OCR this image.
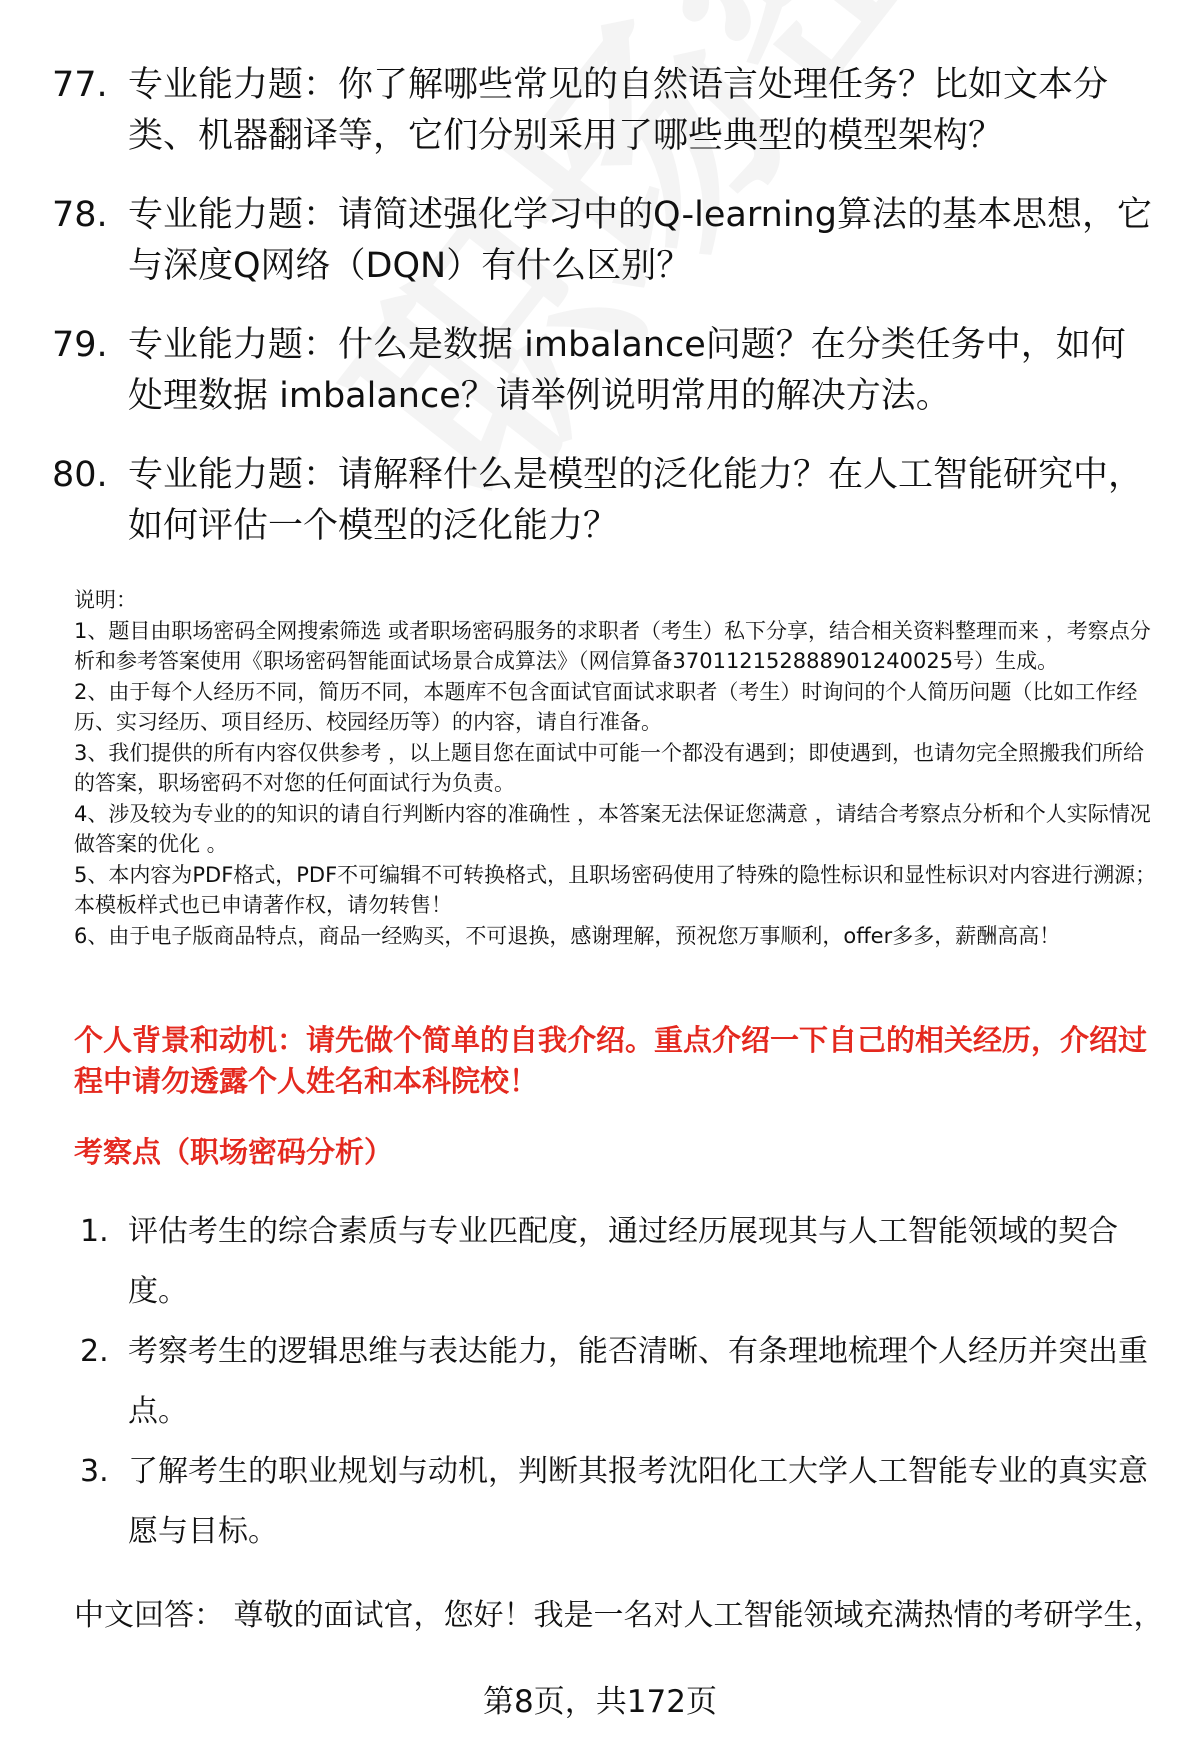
77. 专业能力题：你了解哪些常见的自然语言处理任务？比如文本分类、机器翻译等，它们分别采用了哪些典型的模型架构？
78. 专业能力题：请简述强化学习中的Q-learning算法的基本思想，它与深度Q网络（DQN）有什么区别？
79. 专业能力题：什么是数据 imbalance问题？在分类任务中，如何处理数据 imbalance？请举例说明常用的解决方法。
80. 专业能力题：请解释什么是模型的泛化能力？在人工智能研究中，如何评估一个模型的泛化能力？
说明：
1、题目由职场密码全网搜索筛选 或者职场密码服务的求职者（考生）私下分享，结合相关资料整理而来 ，考察点分析和参考答案使用《职场密码智能面试场景合成算法》（网信算备370112152888901240025号）生成。
2、由于每个人经历不同，简历不同，本题库不包含面试官面试求职者（考生）时询问的个人简历问题（比如工作经历、实习经历、项目经历、校园经历等）的内容，请自行准备。
3、我们提供的所有内容仅供参考 ，以上题目您在面试中可能一个都没有遇到；即使遇到，也请勿完全照搬我们所给的答案，职场密码不对您的任何面试行为负责。
4、涉及较为专业的的知识的请自行判断内容的准确性 ，本答案无法保证您满意 ，请结合考察点分析和个人实际情况做答案的优化 。
5、本内容为PDF格式，PDF不可编辑不可转换格式，且职场密码使用了特殊的隐性标识和显性标识对内容进行溯源；本模板样式也已申请著作权，请勿转售！
6、由于电子版商品特点，商品一经购买，不可退换，感谢理解，预祝您万事顺利，offer多多，薪酬高高！
个人背景和动机：请先做个简单的自我介绍。重点介绍一下自己的相关经历，介绍过程中请勿透露个人姓名和本科院校！
考察点（职场密码分析）
1. 评估考生的综合素质与专业匹配度，通过经历展现其与人工智能领域的契合度。
2. 考察考生的逻辑思维与表达能力，能否清晰、有条理地梳理个人经历并突出重点。
3. 了解考生的职业规划与动机，判断其报考沈阳化工大学人工智能专业的真实意愿与目标。
中文回答： 尊敬的面试官，您好！我是一名对人工智能领域充满热情的考研学生，
第8页，共172页
